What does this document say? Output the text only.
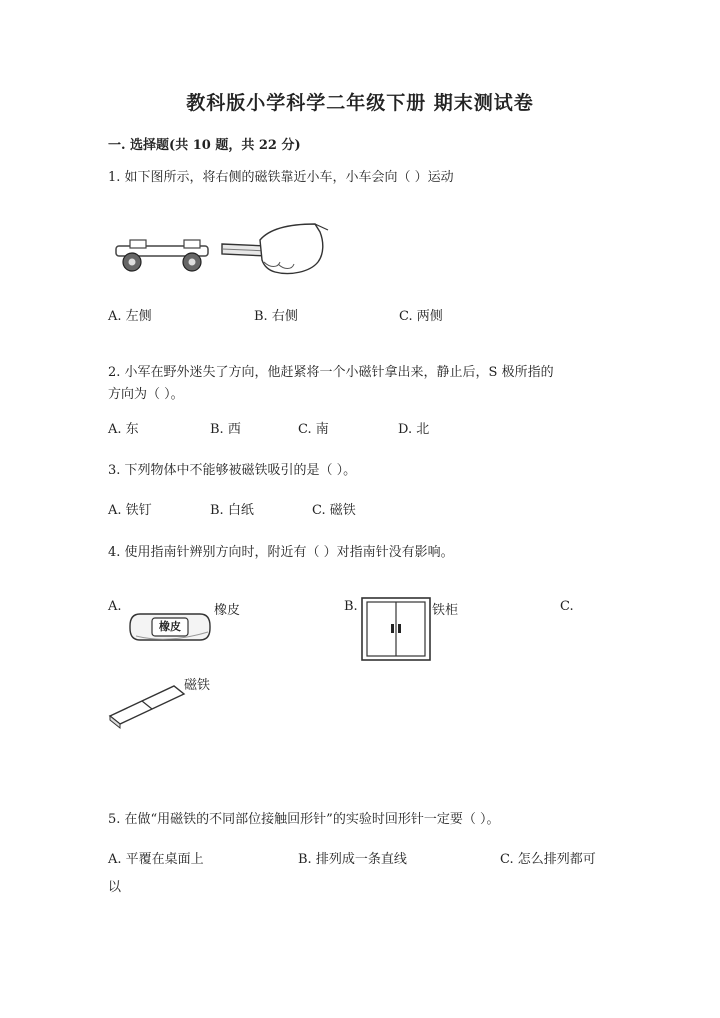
教科版小学科学二年级下册 期末测试卷
一. 选择题(共 10 题，共 22 分)
1. 如下图所示，将右侧的磁铁靠近小车，小车会向（ ）运动
A. 左侧	B. 右侧	C. 两侧
2. 小军在野外迷失了方向，他赶紧将一个小磁针拿出来，静止后，S 极所指的
方向为（ ）。
A. 东	B. 西	C. 南	D. 北
3. 下列物体中不能够被磁铁吸引的是（ ）。
A. 铁钉	B. 白纸	C. 磁铁
4. 使用指南针辨别方向时，附近有（ ）对指南针没有影响。
A.	橡皮	B.	铁柜	C.
橡皮
磁铁
5. 在做“用磁铁的不同部位接触回形针”的实验时回形针一定要（ ）。
A. 平覆在桌面上	B. 排列成一条直线	C. 怎么排列都可
以
